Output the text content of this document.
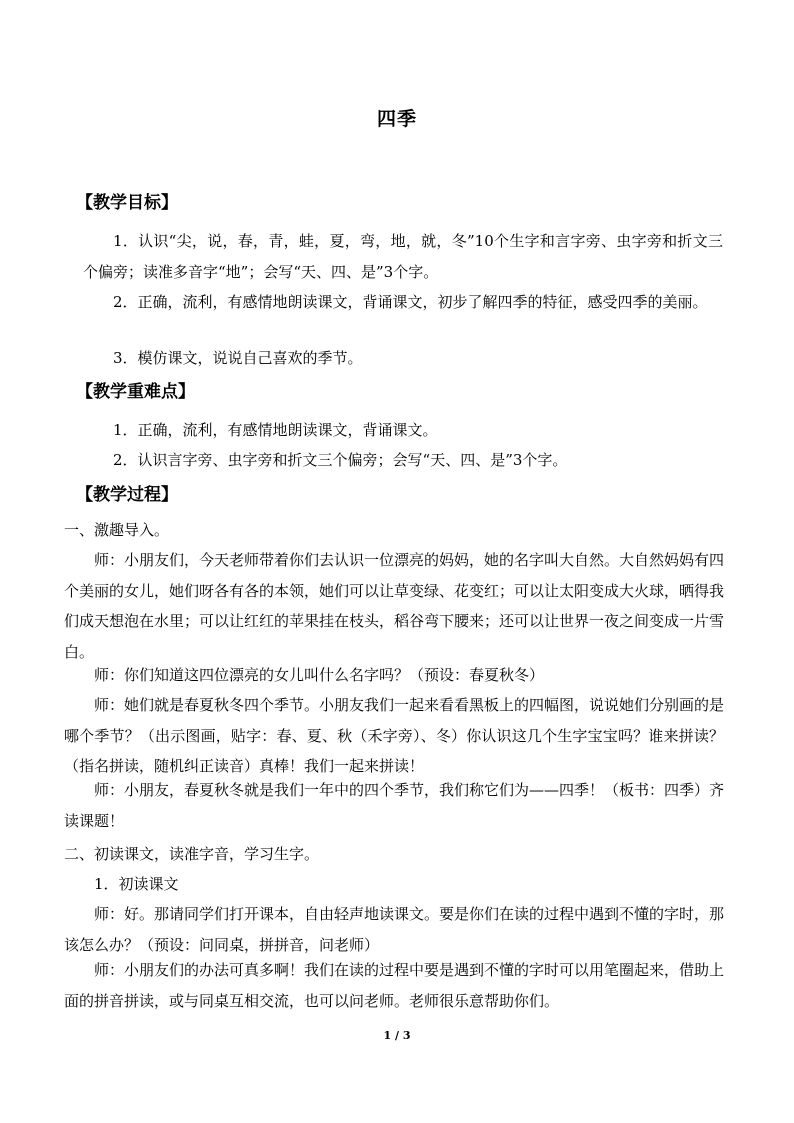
四季
【教学目标】
1．认识“尖，说，春，青，蛙，夏，弯，地，就，冬”10个生字和言字旁、虫字旁和折文三个偏旁；读准多音字“地”；会写“天、四、是”3个字。
2．正确，流利，有感情地朗读课文，背诵课文，初步了解四季的特征，感受四季的美丽。
3．模仿课文，说说自己喜欢的季节。
【教学重难点】
1．正确，流利，有感情地朗读课文，背诵课文。
2．认识言字旁、虫字旁和折文三个偏旁；会写“天、四、是”3个字。
【教学过程】
一、激趣导入。
师：小朋友们，今天老师带着你们去认识一位漂亮的妈妈，她的名字叫大自然。大自然妈妈有四个美丽的女儿，她们呀各有各的本领，她们可以让草变绿、花变红；可以让太阳变成大火球，晒得我们成天想泡在水里；可以让红红的苹果挂在枝头，稻谷弯下腰来；还可以让世界一夜之间变成一片雪白。
师：你们知道这四位漂亮的女儿叫什么名字吗？（预设：春夏秋冬）
师：她们就是春夏秋冬四个季节。小朋友我们一起来看看黑板上的四幅图，说说她们分别画的是哪个季节？（出示图画，贴字：春、夏、秋（禾字旁）、冬）你认识这几个生字宝宝吗？谁来拼读？（指名拼读，随机纠正读音）真棒！我们一起来拼读！
师：小朋友，春夏秋冬就是我们一年中的四个季节，我们称它们为——四季！（板书：四季）齐读课题！
二、初读课文，读准字音，学习生字。
1．初读课文
师：好。那请同学们打开课本，自由轻声地读课文。要是你们在读的过程中遇到不懂的字时，那该怎么办？（预设：问同桌，拼拼音，问老师）
师：小朋友们的办法可真多啊！我们在读的过程中要是遇到不懂的字时可以用笔圈起来，借助上面的拼音拼读，或与同桌互相交流，也可以问老师。老师很乐意帮助你们。
1 / 3
